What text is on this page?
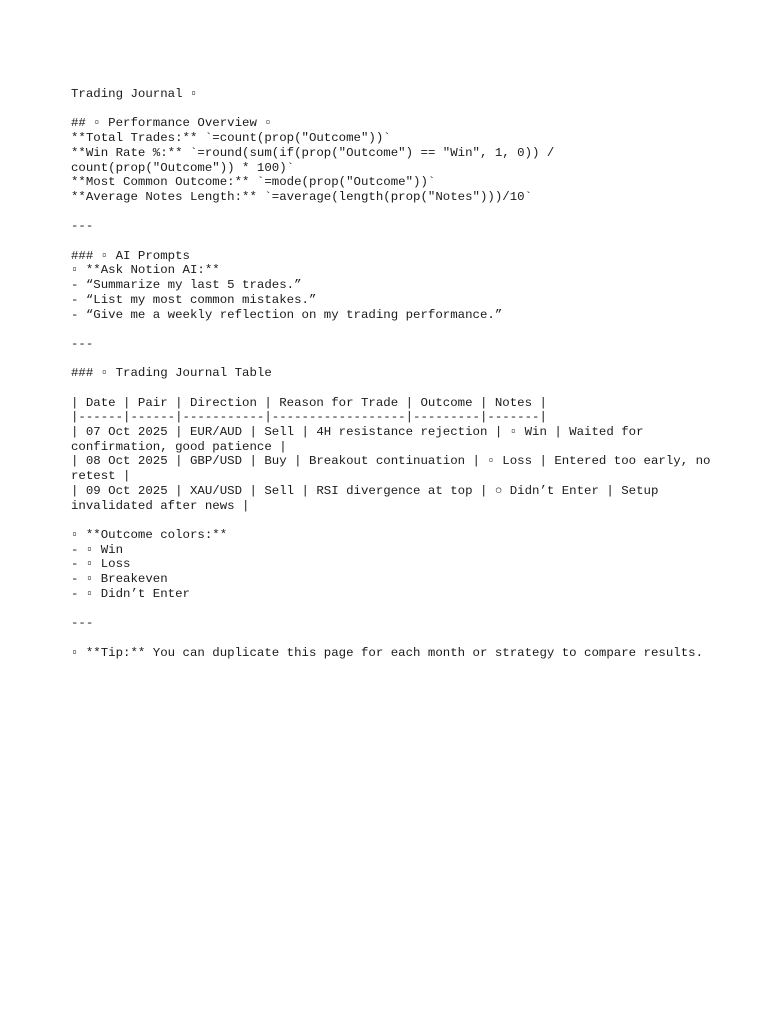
Trading Journal ▫
## ▫ Performance Overview ▫
**Total Trades:** `=count(prop("Outcome"))`
**Win Rate %:** `=round(sum(if(prop("Outcome") == "Win", 1, 0)) / count(prop("Outcome")) * 100)`
**Most Common Outcome:** `=mode(prop("Outcome"))`
**Average Notes Length:** `=average(length(prop("Notes")))/10`
---
### ▫ AI Prompts
▫ **Ask Notion AI:**
- “Summarize my last 5 trades.”
- “List my most common mistakes.”
- “Give me a weekly reflection on my trading performance.”
---
### ▫ Trading Journal Table
| Date | Pair | Direction | Reason for Trade | Outcome | Notes |
|------|------|-----------|------------------|---------|-------|
| 07 Oct 2025 | EUR/AUD | Sell | 4H resistance rejection | ▫ Win | Waited for confirmation, good patience |
| 08 Oct 2025 | GBP/USD | Buy | Breakout continuation | ▫ Loss | Entered too early, no retest |
| 09 Oct 2025 | XAU/USD | Sell | RSI divergence at top | ○ Didn’t Enter | Setup invalidated after news |
▫ **Outcome colors:**
- ▫ Win
- ▫ Loss
- ▫ Breakeven
- ▫ Didn’t Enter
---
▫ **Tip:** You can duplicate this page for each month or strategy to compare results.
